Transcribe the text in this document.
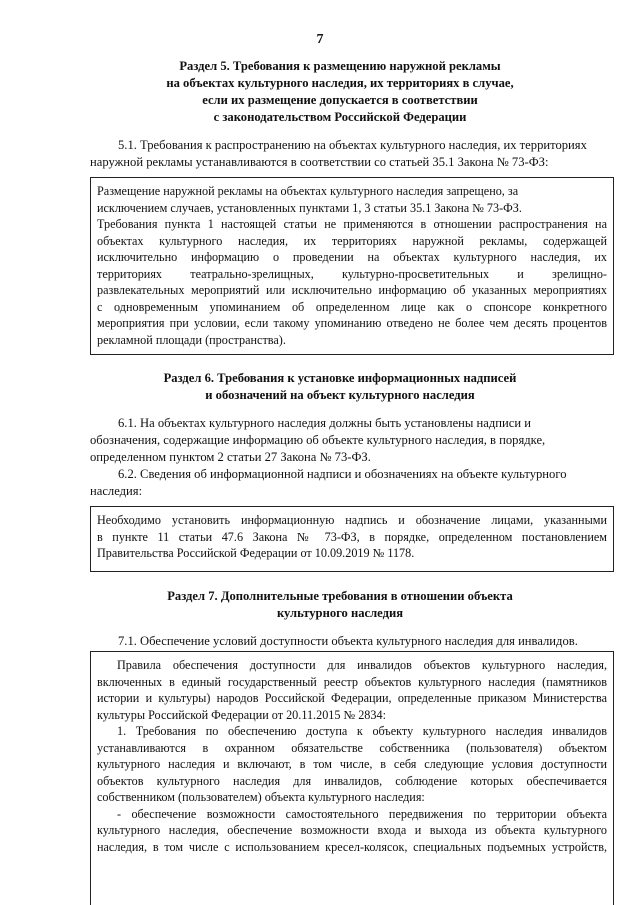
7
Раздел 5. Требования к размещению наружной рекламы
на объектах культурного наследия, их территориях в случае,
если их размещение допускается в соответствии
с законодательством Российской Федерации
5.1. Требования к распространению на объектах культурного наследия, их территориях
наружной рекламы устанавливаются в соответствии со статьей 35.1 Закона № 73-ФЗ:
Размещение наружной рекламы на объектах культурного наследия запрещено, за
исключением случаев, установленных пунктами 1, 3 статьи 35.1 Закона № 73-ФЗ.
Требования пункта 1 настоящей статьи не применяются в отношении распространения на
объектах культурного наследия, их территориях наружной рекламы, содержащей
исключительно информацию о проведении на объектах культурного наследия, их
территориях театрально-зрелищных, культурно-просветительных и зрелищно-
развлекательных мероприятий или исключительно информацию об указанных мероприятиях
с одновременным упоминанием об определенном лице как о спонсоре конкретного
мероприятия при условии, если такому упоминанию отведено не более чем десять процентов
рекламной площади (пространства).
Раздел 6. Требования к установке информационных надписей
и обозначений на объект культурного наследия
6.1. На объектах культурного наследия должны быть установлены надписи и
обозначения, содержащие информацию об объекте культурного наследия, в порядке,
определенном пунктом 2 статьи 27 Закона № 73-ФЗ.
6.2. Сведения об информационной надписи и обозначениях на объекте культурного
наследия:
Необходимо установить информационную надпись и обозначение лицами, указанными
в пункте 11 статьи 47.6 Закона № 73-ФЗ, в порядке, определенном постановлением
Правительства Российской Федерации от 10.09.2019 № 1178.
Раздел 7. Дополнительные требования в отношении объекта
культурного наследия
7.1. Обеспечение условий доступности объекта культурного наследия для инвалидов.
Правила обеспечения доступности для инвалидов объектов культурного наследия,
включенных в единый государственный реестр объектов культурного наследия (памятников
истории и культуры) народов Российской Федерации, определенные приказом Министерства
культуры Российской Федерации от 20.11.2015 № 2834:
1. Требования по обеспечению доступа к объекту культурного наследия инвалидов
устанавливаются в охранном обязательстве собственника (пользователя) объектом
культурного наследия и включают, в том числе, в себя следующие условия доступности
объектов культурного наследия для инвалидов, соблюдение которых обеспечивается
собственником (пользователем) объекта культурного наследия:
- обеспечение возможности самостоятельного передвижения по территории объекта
культурного наследия, обеспечение возможности входа и выхода из объекта культурного
наследия, в том числе с использованием кресел-колясок, специальных подъемных устройств,
